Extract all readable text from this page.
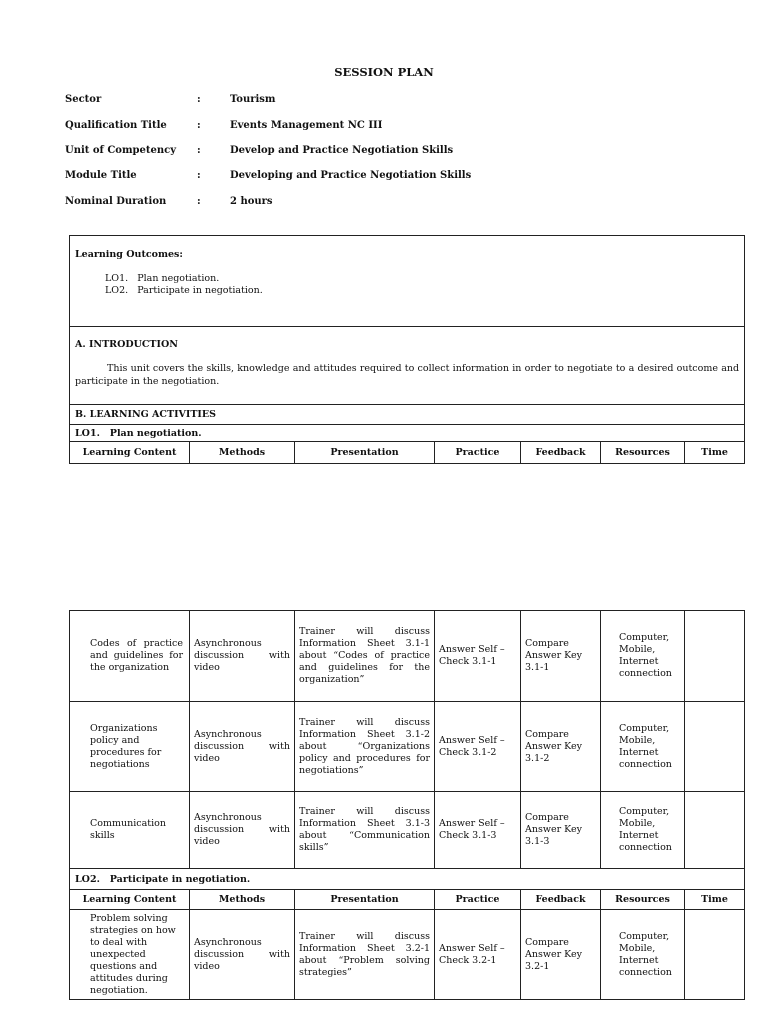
SESSION PLAN
Sector	:	Tourism
Qualification Title	:	Events Management NC III
Unit of Competency :	Develop and Practice Negotiation Skills
Module Title	:	Developing and Practice Negotiation Skills
Nominal Duration	:	2 hours
Learning Outcomes:
LO1.   Plan negotiation.
LO2.   Participate in negotiation.

A. INTRODUCTION
This unit covers the skills, knowledge and attitudes required to collect information in order to negotiate to a desired outcome and participate in the negotiation.

B. LEARNING ACTIVITIES
LO1.   Plan negotiation.
Learning Content	Methods	Presentation	Practice	Feedback	Resources	Time
Codes of practice and guidelines for the organization	Asynchronous discussion with video	Trainer will discuss Information Sheet 3.1-1 about “Codes of practice and guidelines for the organization”	Answer Self – Check 3.1-1	Compare Answer Key 3.1-1	Computer, Mobile, Internet connection	
Organizations policy and procedures for negotiations	Asynchronous discussion with video	Trainer will discuss Information Sheet 3.1-2 about “Organizations policy and procedures for negotiations”	Answer Self – Check 3.1-2	Compare Answer Key 3.1-2	Computer, Mobile, Internet connection	
Communication skills	Asynchronous discussion with video	Trainer will discuss Information Sheet 3.1-3 about “Communication skills”	Answer Self – Check 3.1-3	Compare Answer Key 3.1-3	Computer, Mobile, Internet connection	
LO2.   Participate in negotiation.						
Learning Content	Methods	Presentation	Practice	Feedback	Resources	Time
Problem solving strategies on how to deal with unexpected questions and attitudes during negotiation.	Asynchronous discussion with video	Trainer will discuss Information Sheet 3.2-1 about “Problem solving strategies”	Answer Self – Check 3.2-1	Compare Answer Key 3.2-1	Computer, Mobile, Internet connection	
